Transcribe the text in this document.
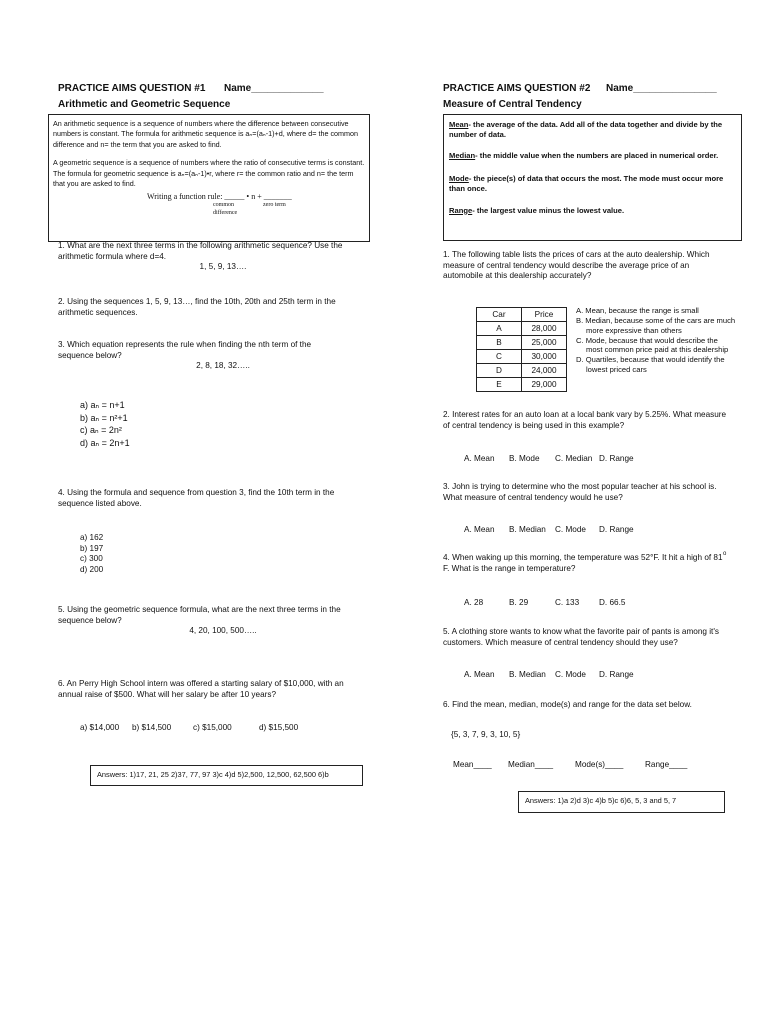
PRACTICE AIMS QUESTION #1 Name_____________
Arithmetic and Geometric Sequence
An arithmetic sequence is a sequence of numbers where the difference between consecutive numbers is constant. The formula for arithmetic sequence is aₙ=(aₙ-1)+d, where d= the common difference and n= the term that you are asked to find.
A geometric sequence is a sequence of numbers where the ratio of consecutive terms is constant. The formula for geometric sequence is aₙ=(aₙ-1)•r, where r= the common ratio and n= the term that you are asked to find.
Writing a function rule: _____ • n + _______
common	zero term
difference
1. What are the next three terms in the following arithmetic sequence? Use the arithmetic formula where d=4.
1, 5, 9, 13….
2. Using the sequences 1, 5, 9, 13…, find the 10th, 20th and 25th term in the arithmetic sequences.
3. Which equation represents the rule when finding the nth term of the sequence below?
2, 8, 18, 32…..
a) aₙ = n+1
b) aₙ = n²+1
c) aₙ = 2n²
d) aₙ = 2n+1
4. Using the formula and sequence from question 3, find the 10th term in the sequence listed above.
a) 162
b) 197
c) 300
d) 200
5. Using the geometric sequence formula, what are the next three terms in the sequence below?
4, 20, 100, 500…..
6. An Perry High School intern was offered a starting salary of $10,000, with an annual raise of $500. What will her salary be after 10 years?
a) $14,000 b) $14,500	c) $15,000	d) $15,500
Answers: 1)17, 21, 25 2)37, 77, 97 3)c 4)d 5)2,500, 12,500, 62,500 6)b
PRACTICE AIMS QUESTION #2 Name_______________
Measure of Central Tendency
Mean- the average of the data. Add all of the data together and divide by the number of data.
Median- the middle value when the numbers are placed in numerical order.
Mode- the piece(s) of data that occurs the most. The mode must occur more than once.
Range- the largest value minus the lowest value.
1. The following table lists the prices of cars at the auto dealership. Which measure of central tendency would describe the average price of an automobile at this dealership accurately?
Car	Price
A	28,000
B	25,000
C	30,000
D	24,000
E	29,000
A. Mean, because the range is small
B. Median, because some of the cars are much more expressive than others
C. Mode, because that would describe the most common price paid at this dealership
D. Quartiles, because that would identify the lowest priced cars
2. Interest rates for an auto loan at a local bank vary by 5.25%. What measure of central tendency is being used in this example?
A. Mean B. Mode C. Median D. Range
3. John is trying to determine who the most popular teacher at his school is. What measure of central tendency would he use?
A. Mean B. Median C. Mode D. Range
4. When waking up this morning, the temperature was 52°F. It hit a high of 81 F. What is the range in temperature?
o
A. 28	B. 29	C. 133 D. 66.5
5. A clothing store wants to know what the favorite pair of pants is among it's customers. Which measure of central tendency should they use?
A. Mean B. Median C. Mode D. Range
6. Find the mean, median, mode(s) and range for the data set below.
{5, 3, 7, 9, 3, 10, 5}
Mean____ Median____	Mode(s)____	Range____
Answers: 1)a 2)d 3)c 4)b 5)c 6)6, 5, 3 and 5, 7
